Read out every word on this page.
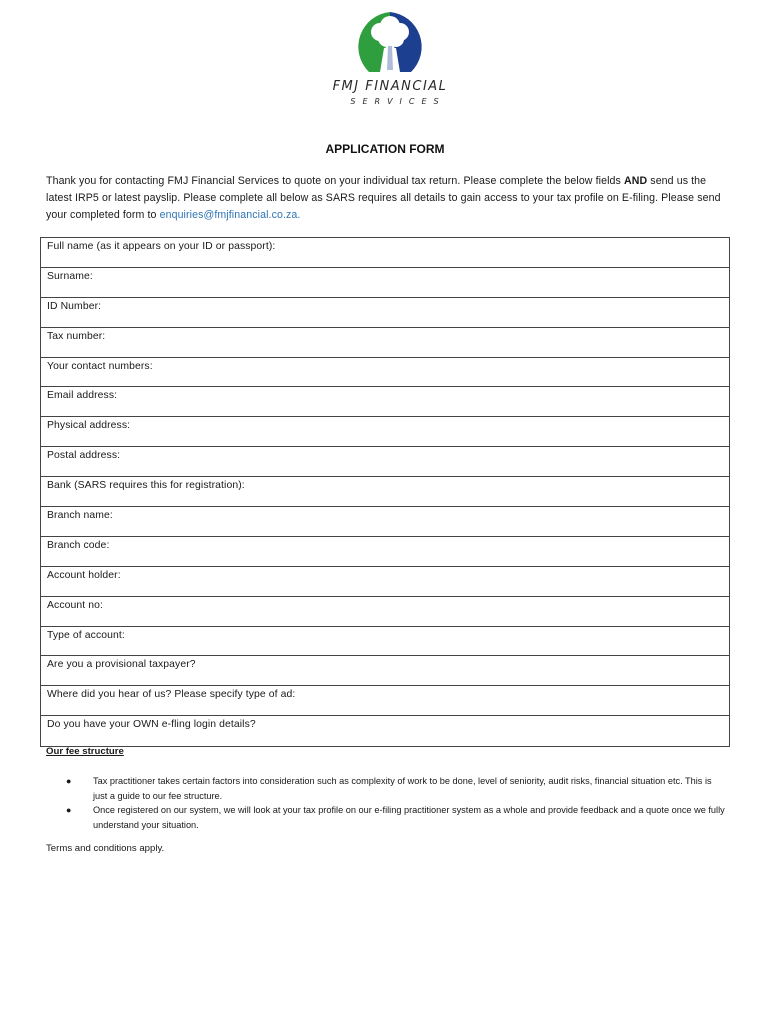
FMJ FINANCIAL
SERVICES
APPLICATION FORM

Thank you for contacting FMJ Financial Services to quote on your individual tax return. Please complete the below fields AND send us the latest IRP5 or latest payslip. Please complete all below as SARS requires all details to gain access to your tax profile on E-filing. Please send your completed form to enquiries@fmjfinancial.co.za.

Full name (as it appears on your ID or passport):
Surname:
ID Number:
Tax number:
Your contact numbers:
Email address:
Physical address:
Postal address:
Bank (SARS requires this for registration):
Branch name:
Branch code:
Account holder:
Account no:
Type of account:
Are you a provisional taxpayer?
Where did you hear of us? Please specify type of ad:
Do you have your OWN e-fling login details?
Our fee structure
● Tax practitioner takes certain factors into consideration such as complexity of work to be done, level of seniority, audit risks, financial situation etc. This is just a guide to our fee structure.
● Once registered on our system, we will look at your tax profile on our e-filing practitioner system as a whole and provide feedback and a quote once we fully understand your situation.
Terms and conditions apply.
